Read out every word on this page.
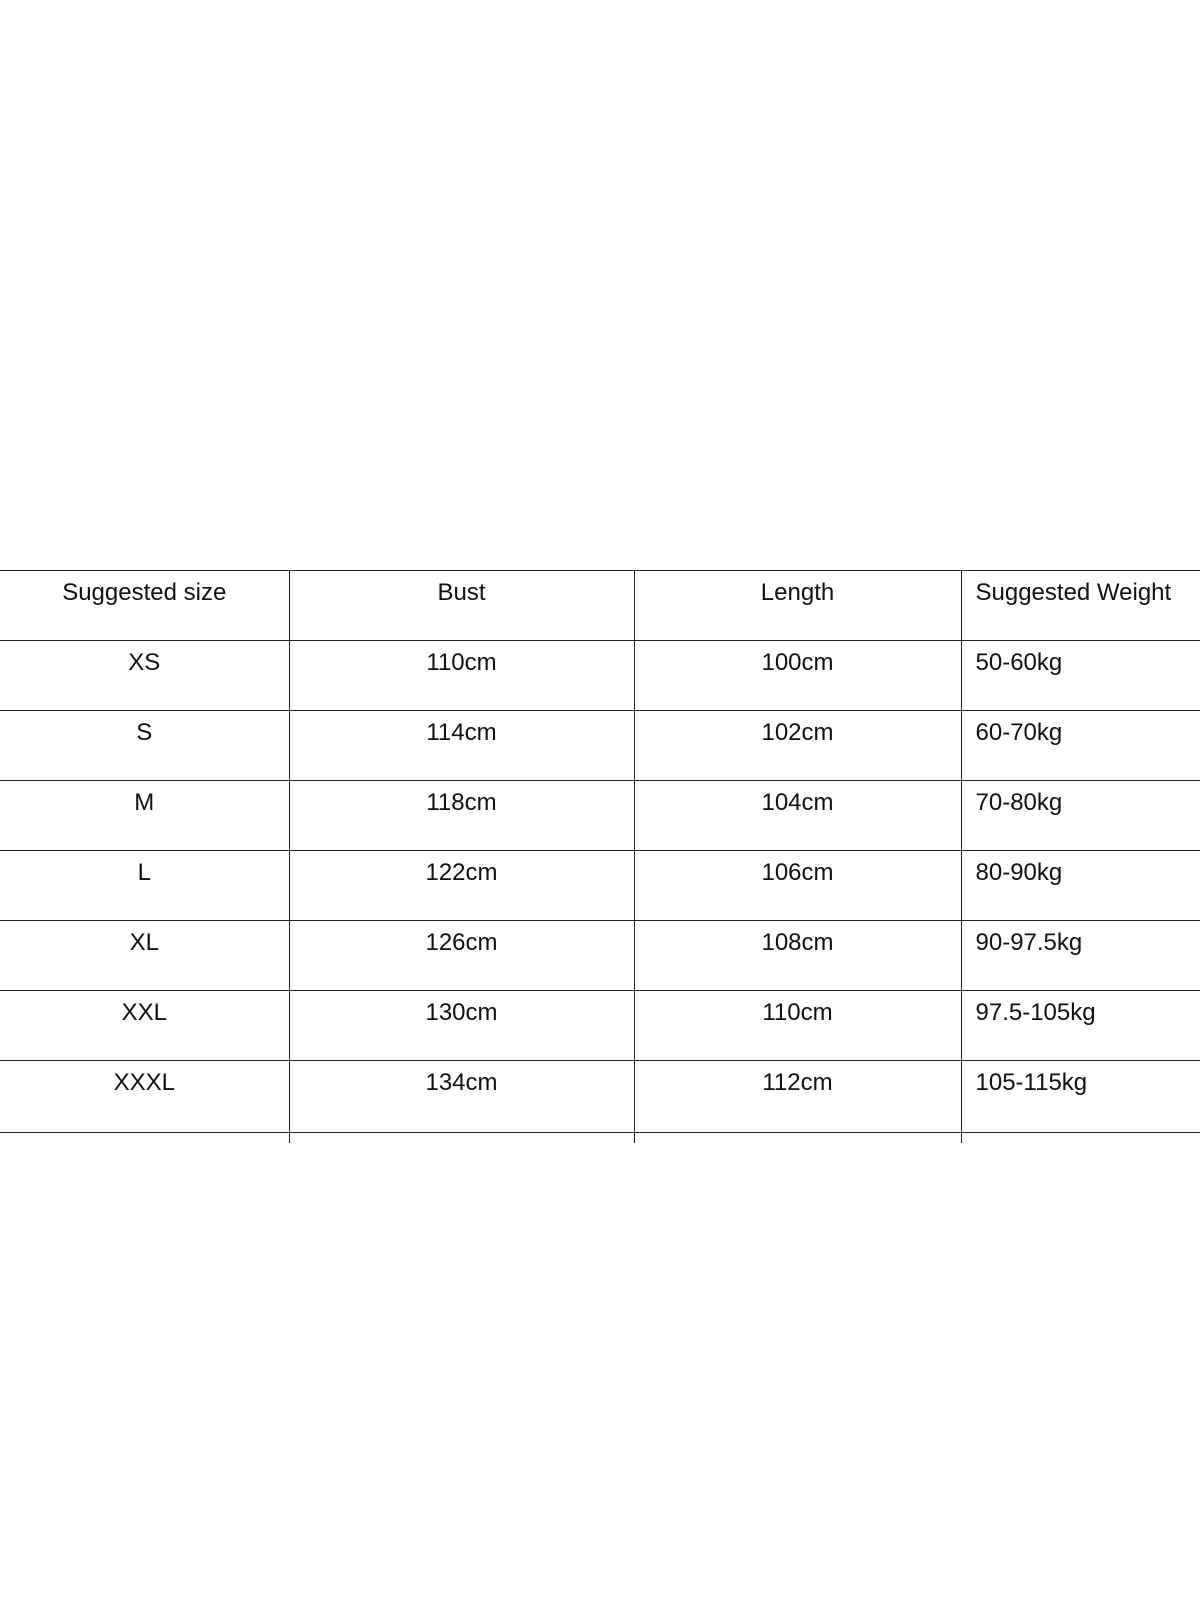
Suggested size	Bust	Length	Suggested Weight
XS	110cm	100cm	50-60kg
S	114cm	102cm	60-70kg
M	118cm	104cm	70-80kg
L	122cm	106cm	80-90kg
XL	126cm	108cm	90-97.5kg
XXL	130cm	110cm	97.5-105kg
XXXL	134cm	112cm	105-115kg
